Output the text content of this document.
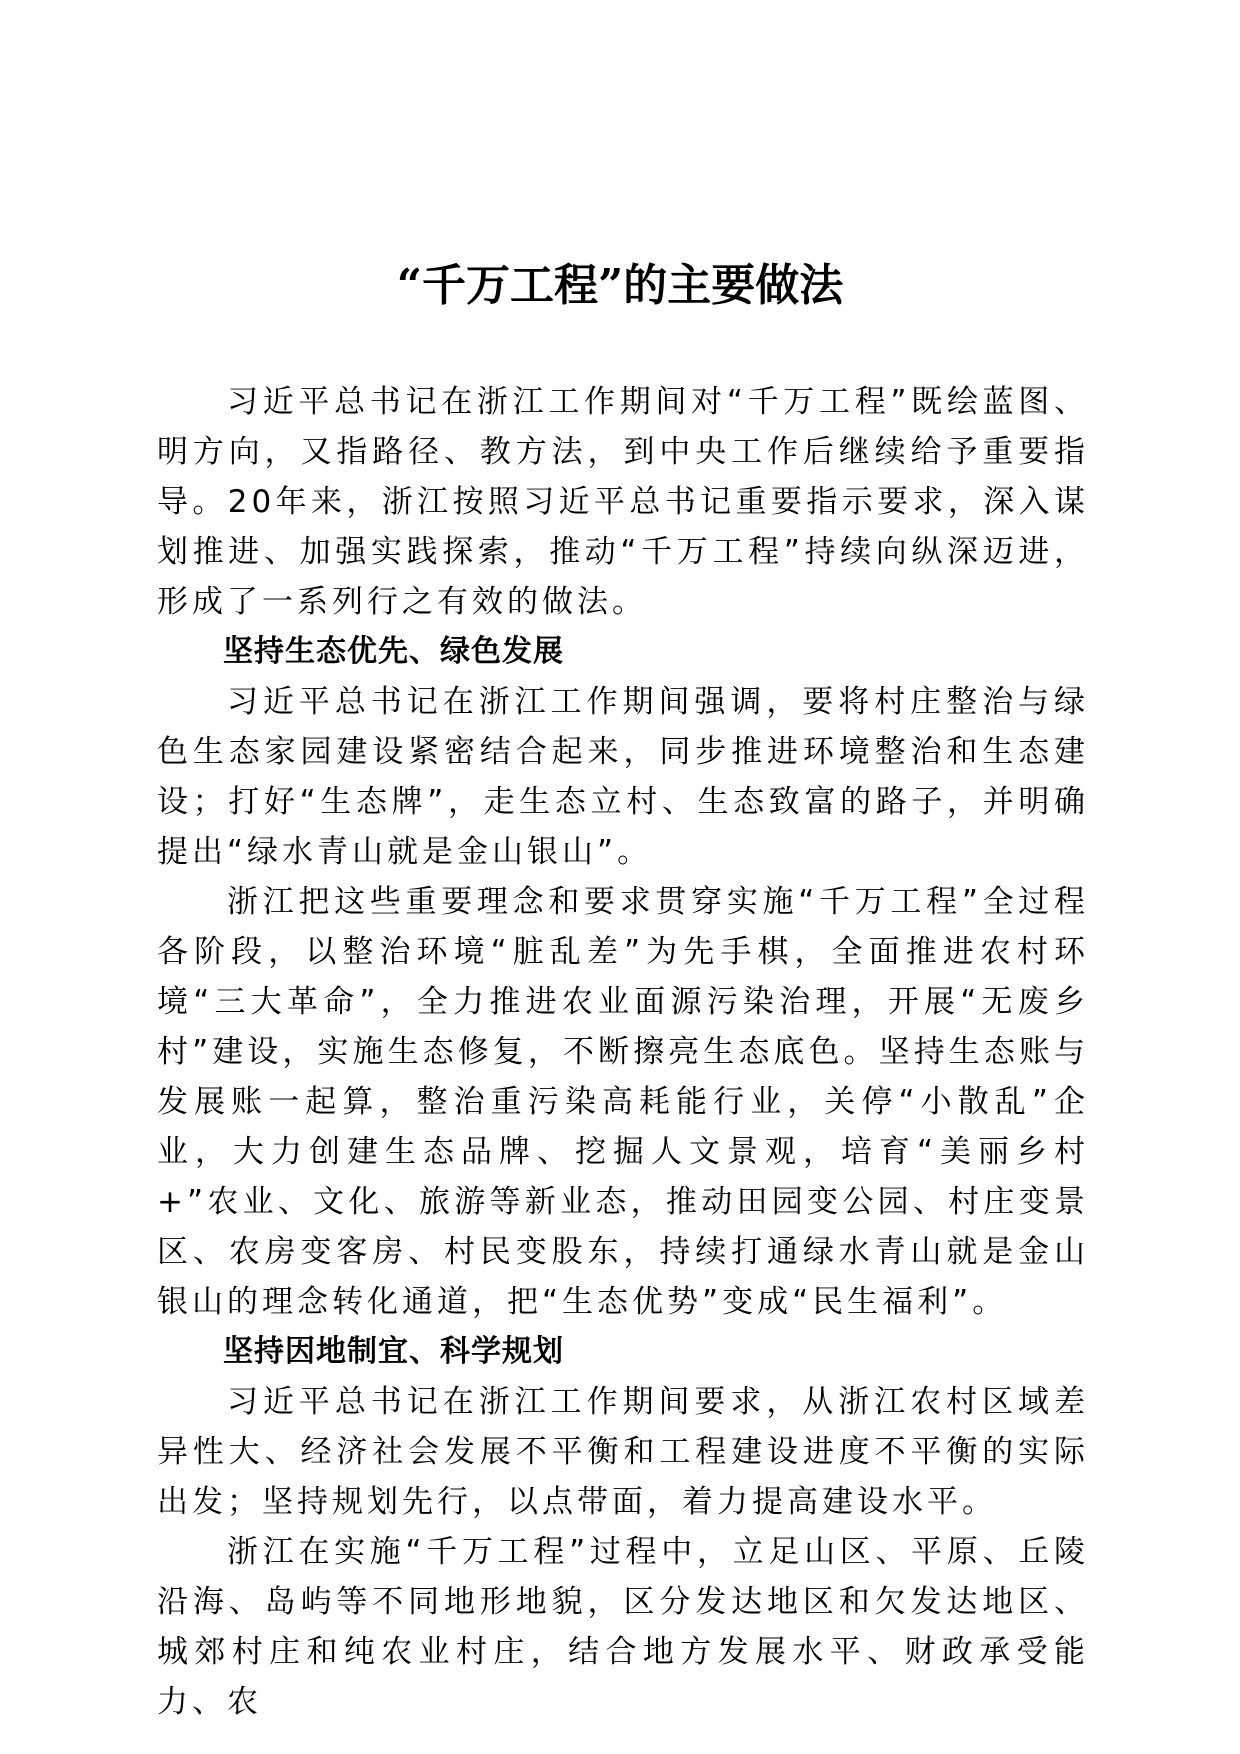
“千万工程”的主要做法

习近平总书记在浙江工作期间对“千万工程”既绘蓝图、明方向，又指路径、教方法，到中央工作后继续给予重要指导。20年来，浙江按照习近平总书记重要指示要求，深入谋划推进、加强实践探索，推动“千万工程”持续向纵深迈进，形成了一系列行之有效的做法。

坚持生态优先、绿色发展

习近平总书记在浙江工作期间强调，要将村庄整治与绿色生态家园建设紧密结合起来，同步推进环境整治和生态建设；打好“生态牌”，走生态立村、生态致富的路子，并明确提出“绿水青山就是金山银山”。

浙江把这些重要理念和要求贯穿实施“千万工程”全过程各阶段，以整治环境“脏乱差”为先手棋，全面推进农村环境“三大革命”，全力推进农业面源污染治理，开展“无废乡村”建设，实施生态修复，不断擦亮生态底色。坚持生态账与发展账一起算，整治重污染高耗能行业，关停“小散乱”企业，大力创建生态品牌、挖掘人文景观，培育“美丽乡村+”农业、文化、旅游等新业态，推动田园变公园、村庄变景区、农房变客房、村民变股东，持续打通绿水青山就是金山银山的理念转化通道，把“生态优势”变成“民生福利”。

坚持因地制宜、科学规划

习近平总书记在浙江工作期间要求，从浙江农村区域差异性大、经济社会发展不平衡和工程建设进度不平衡的实际出发；坚持规划先行，以点带面，着力提高建设水平。

浙江在实施“千万工程”过程中，立足山区、平原、丘陵沿海、岛屿等不同地形地貌，区分发达地区和欠发达地区、城郊村庄和纯农业村庄，结合地方发展水平、财政承受能力、农
